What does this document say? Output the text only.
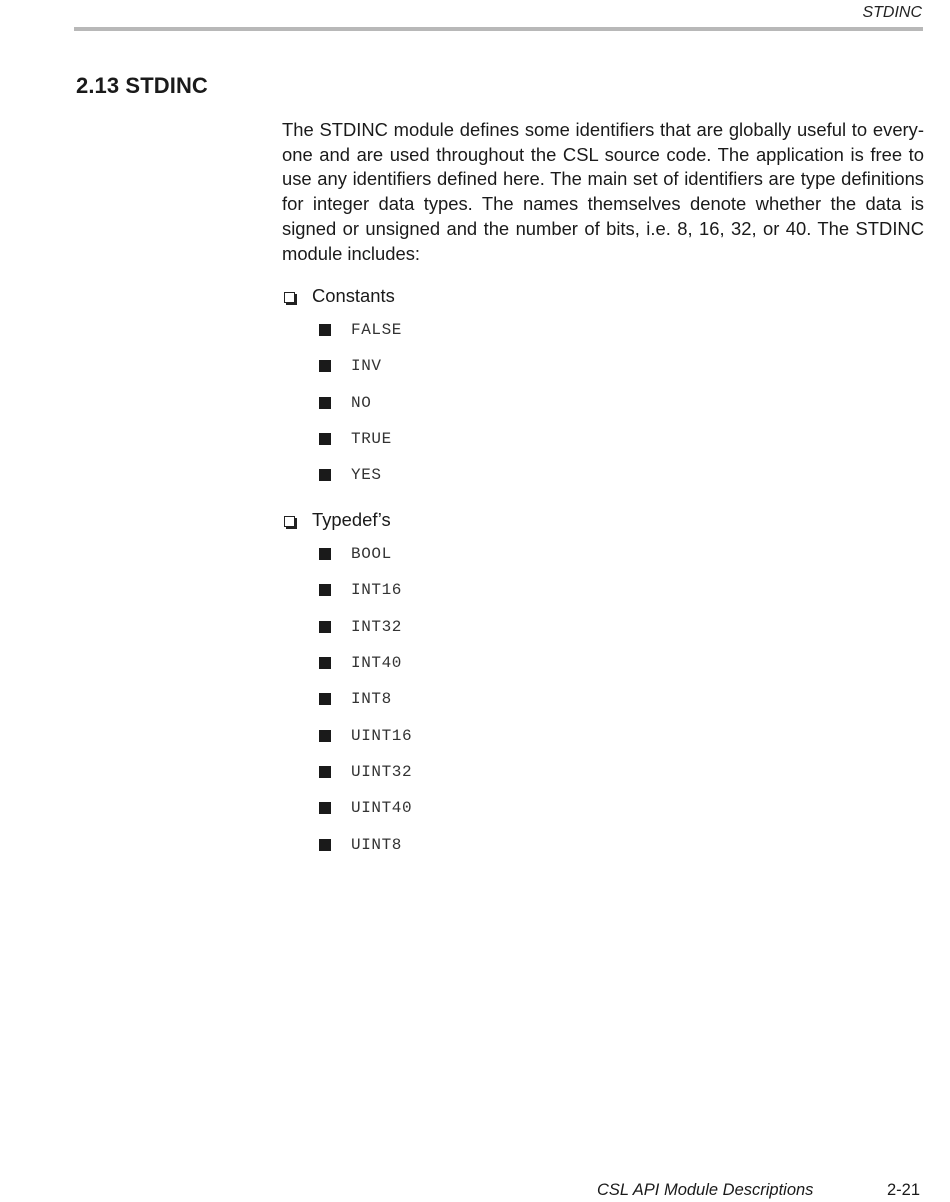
STDINC
2.13 STDINC

The STDINC module defines some identifiers that are globally useful to every-one and are used throughout the CSL source code. The application is free to use any identifiers defined here. The main set of identifiers are type definitions for integer data types. The names themselves denote whether the data is signed or unsigned and the number of bits, i.e. 8, 16, 32, or 40. The STDINC module includes:

Constants
FALSE
INV
NO
TRUE
YES
Typedef’s
BOOL
INT16
INT32
INT40
INT8
UINT16
UINT32
UINT40
UINT8
CSL API Module Descriptions	2-21
